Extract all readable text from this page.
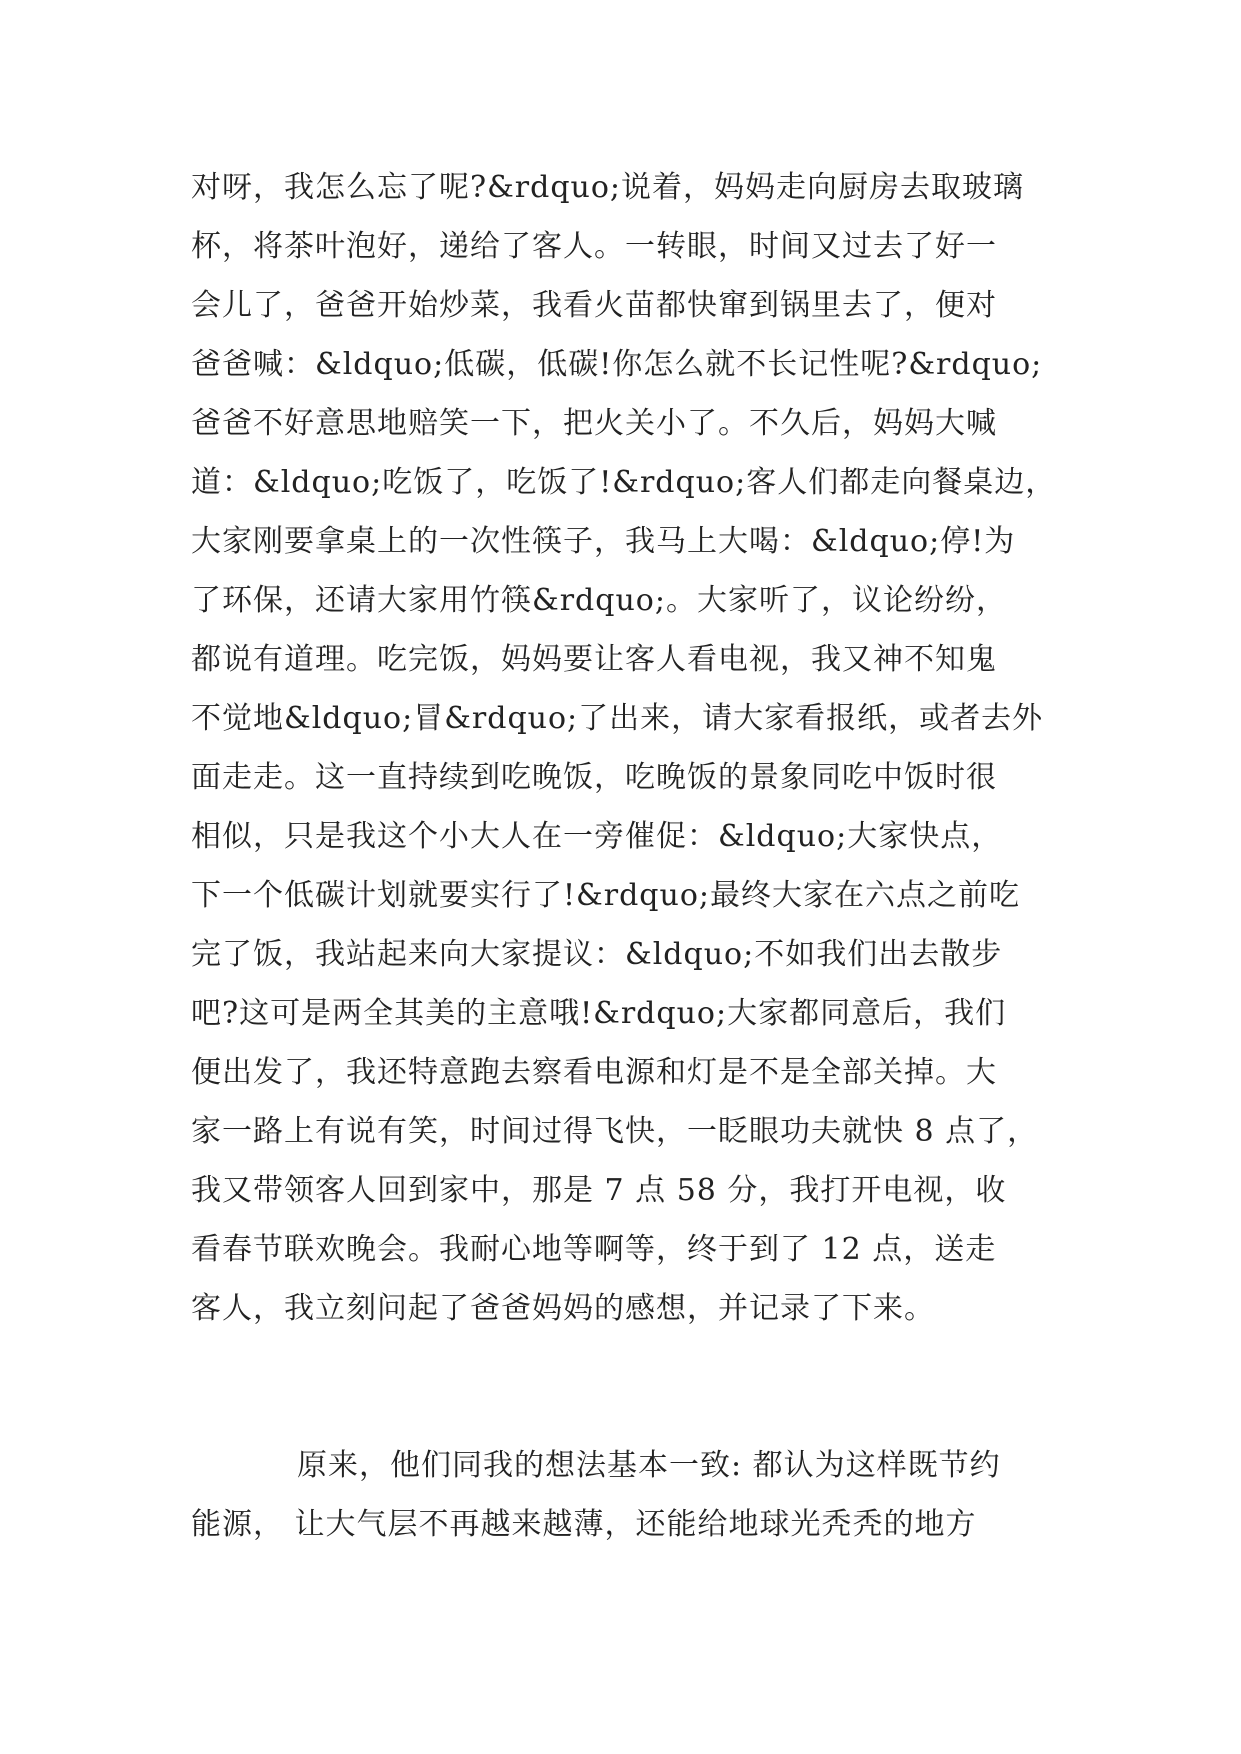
对呀，我怎么忘了呢?&rdquo;说着，妈妈走向厨房去取玻璃
杯，将茶叶泡好，递给了客人。一转眼，时间又过去了好一
会儿了，爸爸开始炒菜，我看火苗都快窜到锅里去了，便对
爸爸喊：&ldquo;低碳，低碳!你怎么就不长记性呢?&rdquo;
爸爸不好意思地赔笑一下，把火关小了。不久后，妈妈大喊
道：&ldquo;吃饭了，吃饭了!&rdquo;客人们都走向餐桌边，
大家刚要拿桌上的一次性筷子，我马上大喝：&ldquo;停!为
了环保，还请大家用竹筷&rdquo;。大家听了，议论纷纷，
都说有道理。吃完饭，妈妈要让客人看电视，我又神不知鬼
不觉地&ldquo;冒&rdquo;了出来，请大家看报纸，或者去外
面走走。这一直持续到吃晚饭，吃晚饭的景象同吃中饭时很
相似，只是我这个小大人在一旁催促：&ldquo;大家快点，
下一个低碳计划就要实行了!&rdquo;最终大家在六点之前吃
完了饭，我站起来向大家提议：&ldquo;不如我们出去散步
吧?这可是两全其美的主意哦!&rdquo;大家都同意后，我们
便出发了，我还特意跑去察看电源和灯是不是全部关掉。大
家一路上有说有笑，时间过得飞快，一眨眼功夫就快 8 点了，
我又带领客人回到家中，那是 7 点 58 分，我打开电视，收
看春节联欢晚会。我耐心地等啊等，终于到了 12 点，送走
客人，我立刻问起了爸爸妈妈的感想，并记录了下来。
原来，他们同我的想法基本一致: 都认为这样既节约
能源， 让大气层不再越来越薄，还能给地球光秃秃的地方
